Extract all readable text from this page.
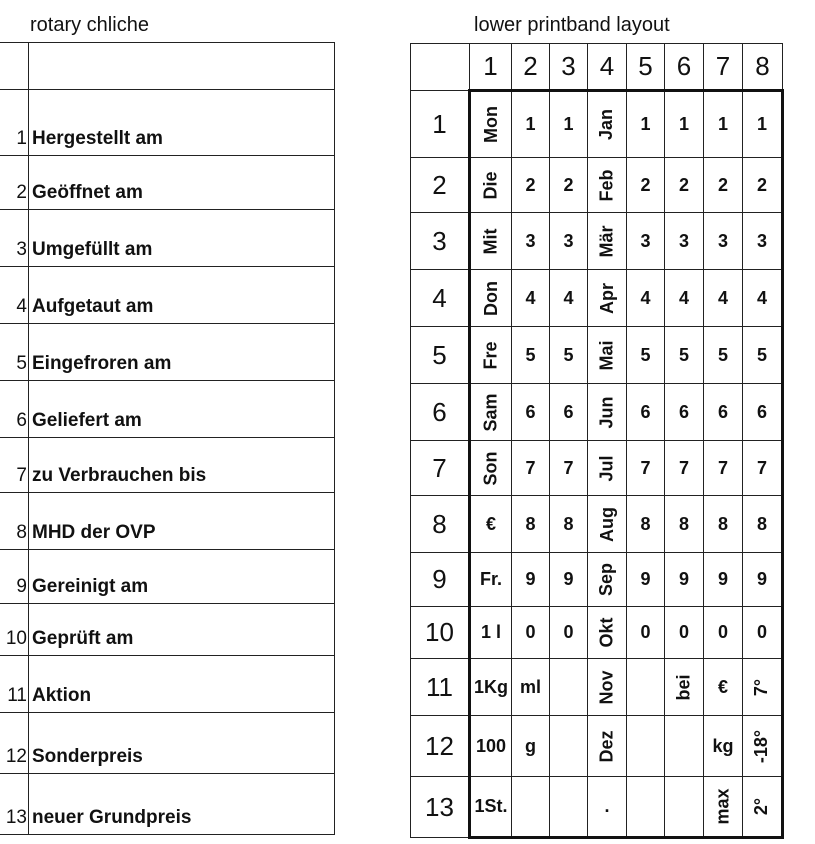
rotary chliche	lower printband layout

1	Hergestellt am
2	Geöffnet am
3	Umgefüllt am
4	Aufgetaut am
5	Eingefroren am
6	Geliefert am
7	zu Verbrauchen bis
8	MHD der OVP
9	Gereinigt am
10	Geprüft am
11	Aktion
12	Sonderpreis
13	neuer Grundpreis
	1	2	3	4	5	6	7	8
1	Mon	1	1	Jan	1	1	1	1
2	Die	2	2	Feb	2	2	2	2
3	Mit	3	3	Mär	3	3	3	3
4	Don	4	4	Apr	4	4	4	4
5	Fre	5	5	Mai	5	5	5	5
6	Sam	6	6	Jun	6	6	6	6
7	Son	7	7	Jul	7	7	7	7
8	€	8	8	Aug	8	8	8	8
9	Fr.	9	9	Sep	9	9	9	9
10	1 l	0	0	Okt	0	0	0	0
11	1Kg	ml		Nov		bei	€	7°
12	100	g		Dez			kg	-18°
13	1St.			.			max	2°
